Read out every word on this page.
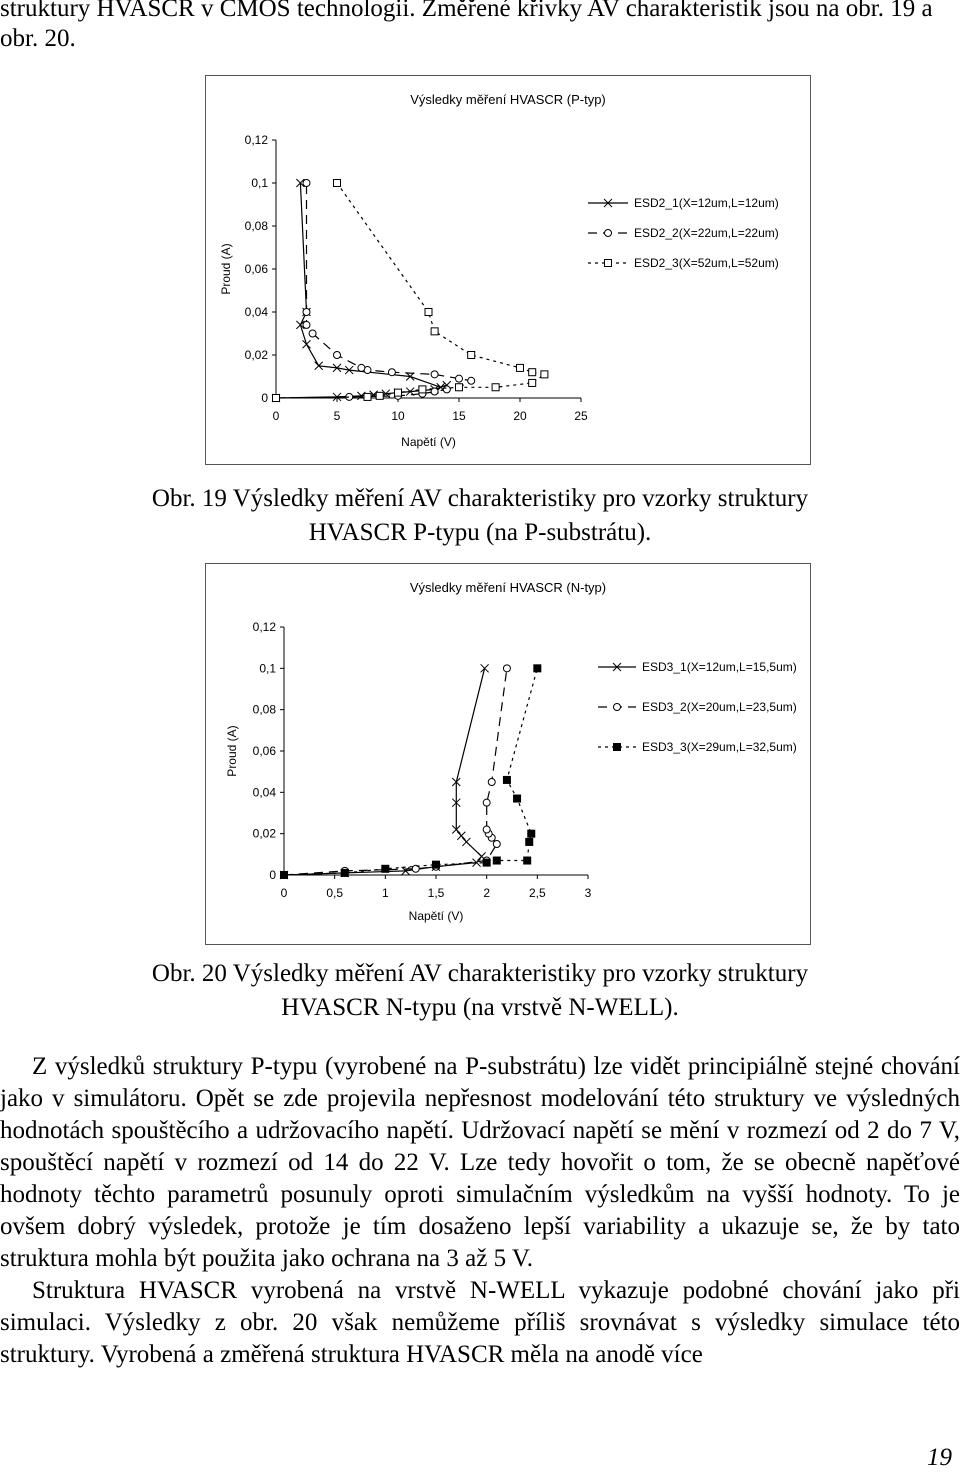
struktury HVASCR v CMOS technologii. Změřené křivky AV charakteristik jsou na obr. 19 a obr. 20.
Výsledky měření HVASCR (P-typ)
0
0,02
0,04
0,06
0,08
0,1
0,12
0	5	10	15	20	25
Napětí (V)
Proud (A)
ESD2_1(X=12um,L=12um)
ESD2_2(X=22um,L=22um)
ESD2_3(X=52um,L=52um)
Obr. 19 Výsledky měření AV charakteristiky pro vzorky struktury HVASCR P-typu (na P-substrátu).
Výsledky měření HVASCR (N-typ)
0
0,02
0,04
0,06
0,08
0,1
0,12
0	0,5	1	1,5	2	2,5	3
Napětí (V)
Proud (A)
ESD3_1(X=12um,L=15,5um)
ESD3_2(X=20um,L=23,5um)
ESD3_3(X=29um,L=32,5um)
Obr. 20 Výsledky měření AV charakteristiky pro vzorky struktury HVASCR N-typu (na vrstvě N-WELL).

Z výsledků struktury P-typu (vyrobené na P-substrátu) lze vidět principiálně stejné chování jako v simulátoru. Opět se zde projevila nepřesnost modelování této struktury ve výsledných hodnotách spouštěcího a udržovacího napětí. Udržovací napětí se mění v rozmezí od 2 do 7 V, spouštěcí napětí v rozmezí od 14 do 22 V. Lze tedy hovořit o tom, že se obecně napěťové hodnoty těchto parametrů posunuly oproti simulačním výsledkům na vyšší hodnoty. To je ovšem dobrý výsledek, protože je tím dosaženo lepší variability a ukazuje se, že by tato struktura mohla být použita jako ochrana na 3 až 5 V.

Struktura HVASCR vyrobená na vrstvě N-WELL vykazuje podobné chování jako při simulaci. Výsledky z obr. 20 však nemůžeme příliš srovnávat s výsledky simulace této struktury. Vyrobená a změřená struktura HVASCR měla na anodě více

19
